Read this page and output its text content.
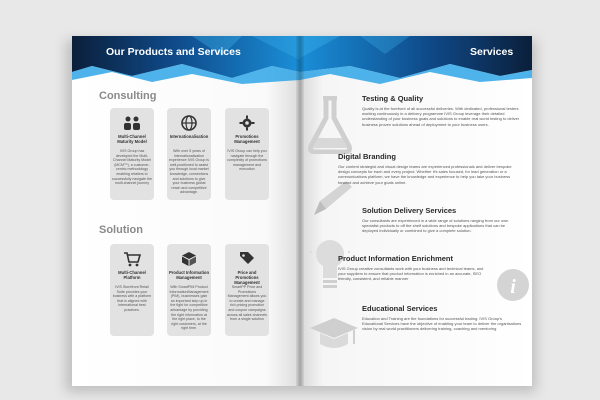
Our Products and Services
Consulting
Multi-Channel Maturity Model
IVIS Group has developed the Multi-Channel Maturity Model (MCM™), a customer-centric methodology enabling retailers to successfully navigate the multi-channel journey
Internationalisation
With over 5 years of internationalisation experience IVIS Group is well-positioned to assist you through local market knowledge, connections and solutions to give your business global reach and competitive advantage.
Promotions Management
IVIS Group can help you navigate through the complexity of promotions management and execution
Solution
Multi-Channel Platform
IVIS Storefront Retail Suite provides your business with a platform that is aligned with international best practices.
Product Information Management
With SmartPIM Product InformationManagement (PIM), businesses gain an important step up in the fight for competitive advantage by providing the right information at the right place, to the right customers, at the right time.
Price and Promotions Management
SmartPP Price and Promotions Management allows you to create and manage rich pricing promotion and coupon campaigns across all sales channels from a single solution
Services
i
Testing & Quality
Quality is at the forefront of all successful deliveries. With dedicated, professional testers working continuously in a delivery programme IVIS Group leverage their detailed understanding of your business goals and solutions to enable real world testing to deliver business proven solutions ahead of deployment to your business users.
Digital Branding
Our content strategist and visual design teams are experienced professionals and deliver bespoke design concepts for each and every project. Whether it's sales focused, for lead generation or a communications platform, we have the knowledge and experience to help you take your business forward and achieve your goals online.
Solution Delivery Services
Our consultants are experienced in a wide range of solutions ranging from our own specialist products to off the shelf solutions and bespoke applications that can be deployed individually or combined to give a complete solution.
Product Information Enrichment
IVIS Group creative consultants work with your business and technical teams, and your suppliers to ensure that product information is enriched in an accurate, SEO friendly, consistent, and reliable manner
Educational Services
Education and Training are the foundations for successful trading. IVIS Group's Educational Services have the objective of enabling your team to deliver the organisations vision by real world practitioners delivering training, coaching and mentoring
